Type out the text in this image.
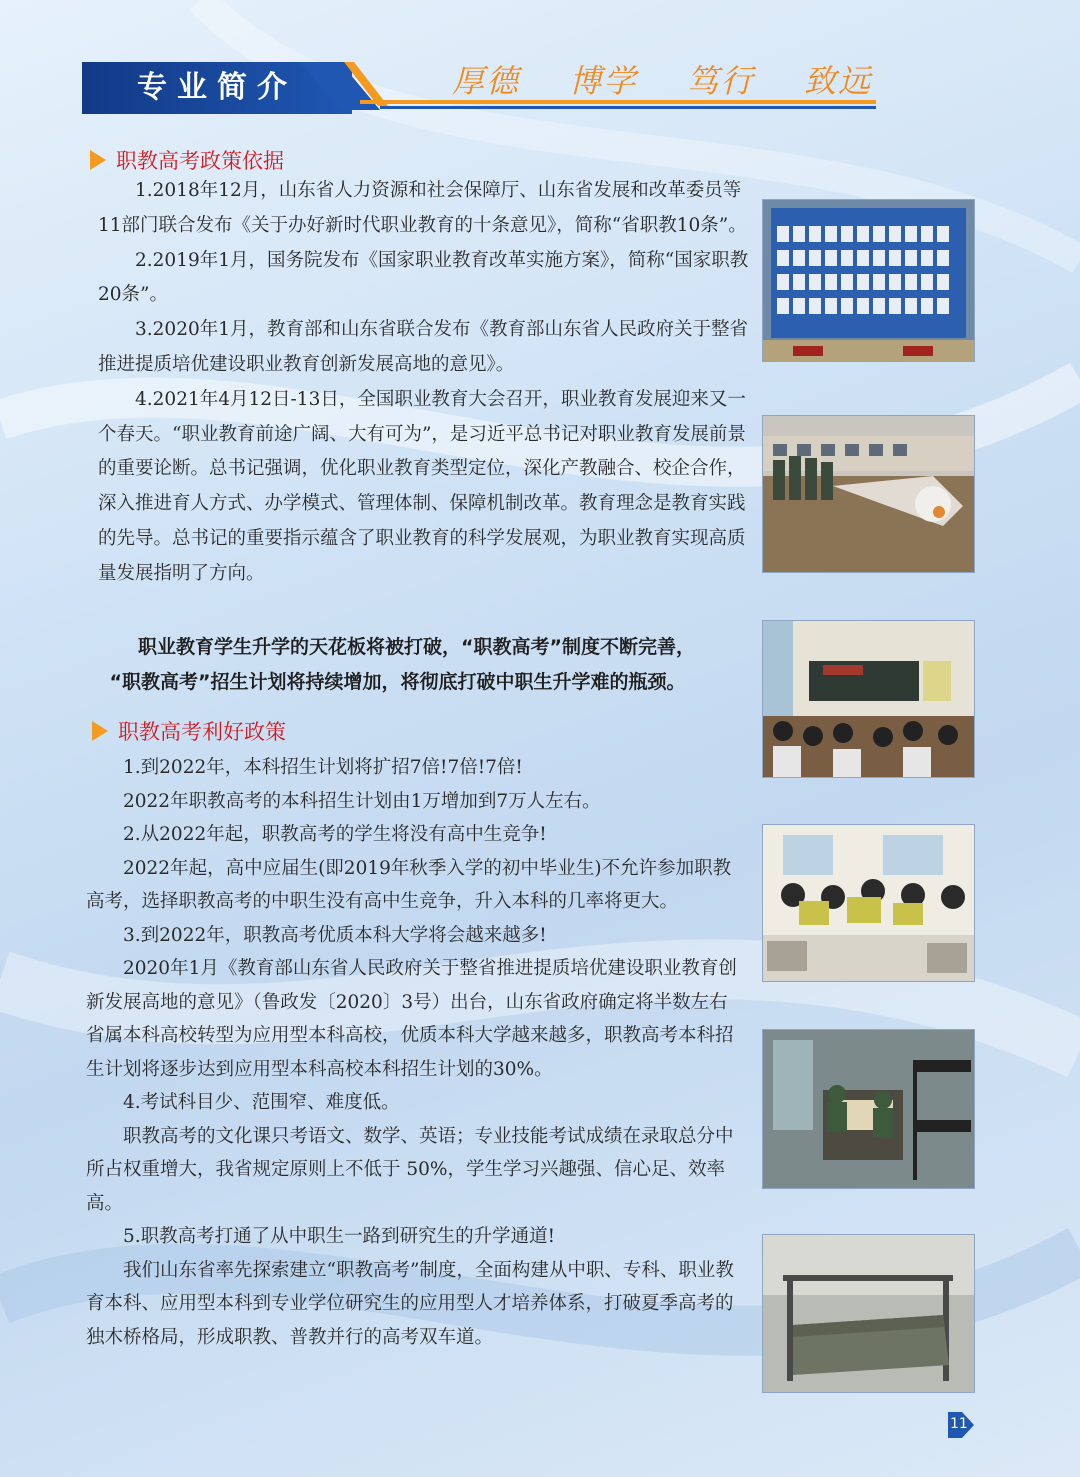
专业简介	厚德 博学 笃行 致远
职教高考政策依据

1.2018年12月，山东省人力资源和社会保障厅、山东省发展和改革委员等11部门联合发布《关于办好新时代职业教育的十条意见》，简称“省职教10条”。

2.2019年1月，国务院发布《国家职业教育改革实施方案》，简称“国家职教20条”。

3.2020年1月，教育部和山东省联合发布《教育部山东省人民政府关于整省推进提质培优建设职业教育创新发展高地的意见》。

4.2021年4月12日-13日，全国职业教育大会召开，职业教育发展迎来又一个春天。“职业教育前途广阔、大有可为”，是习近平总书记对职业教育发展前景的重要论断。总书记强调，优化职业教育类型定位，深化产教融合、校企合作，深入推进育人方式、办学模式、管理体制、保障机制改革。教育理念是教育实践的先导。总书记的重要指示蕴含了职业教育的科学发展观，为职业教育实现高质量发展指明了方向。

职业教育学生升学的天花板将被打破，“职教高考”制度不断完善，

“职教高考”招生计划将持续增加，将彻底打破中职生升学难的瓶颈。

职教高考利好政策

1.到2022年，本科招生计划将扩招7倍!7倍!7倍!

2022年职教高考的本科招生计划由1万增加到7万人左右。

2.从2022年起，职教高考的学生将没有高中生竞争!

2022年起，高中应届生(即2019年秋季入学的初中毕业生)不允许参加职教高考，选择职教高考的中职生没有高中生竞争，升入本科的几率将更大。

3.到2022年，职教高考优质本科大学将会越来越多!

2020年1月《教育部山东省人民政府关于整省推进提质培优建设职业教育创新发展高地的意见》（鲁政发〔2020〕3号）出台，山东省政府确定将半数左右省属本科高校转型为应用型本科高校，优质本科大学越来越多，职教高考本科招生计划将逐步达到应用型本科高校本科招生计划的30%。

4.考试科目少、范围窄、难度低。

职教高考的文化课只考语文、数学、英语；专业技能考试成绩在录取总分中所占权重增大，我省规定原则上不低于 50%，学生学习兴趣强、信心足、效率高。

5.职教高考打通了从中职生一路到研究生的升学通道!

我们山东省率先探索建立“职教高考”制度，全面构建从中职、专科、职业教育本科、应用型本科到专业学位研究生的应用型人才培养体系，打破夏季高考的独木桥格局，形成职教、普教并行的高考双车道。

11
